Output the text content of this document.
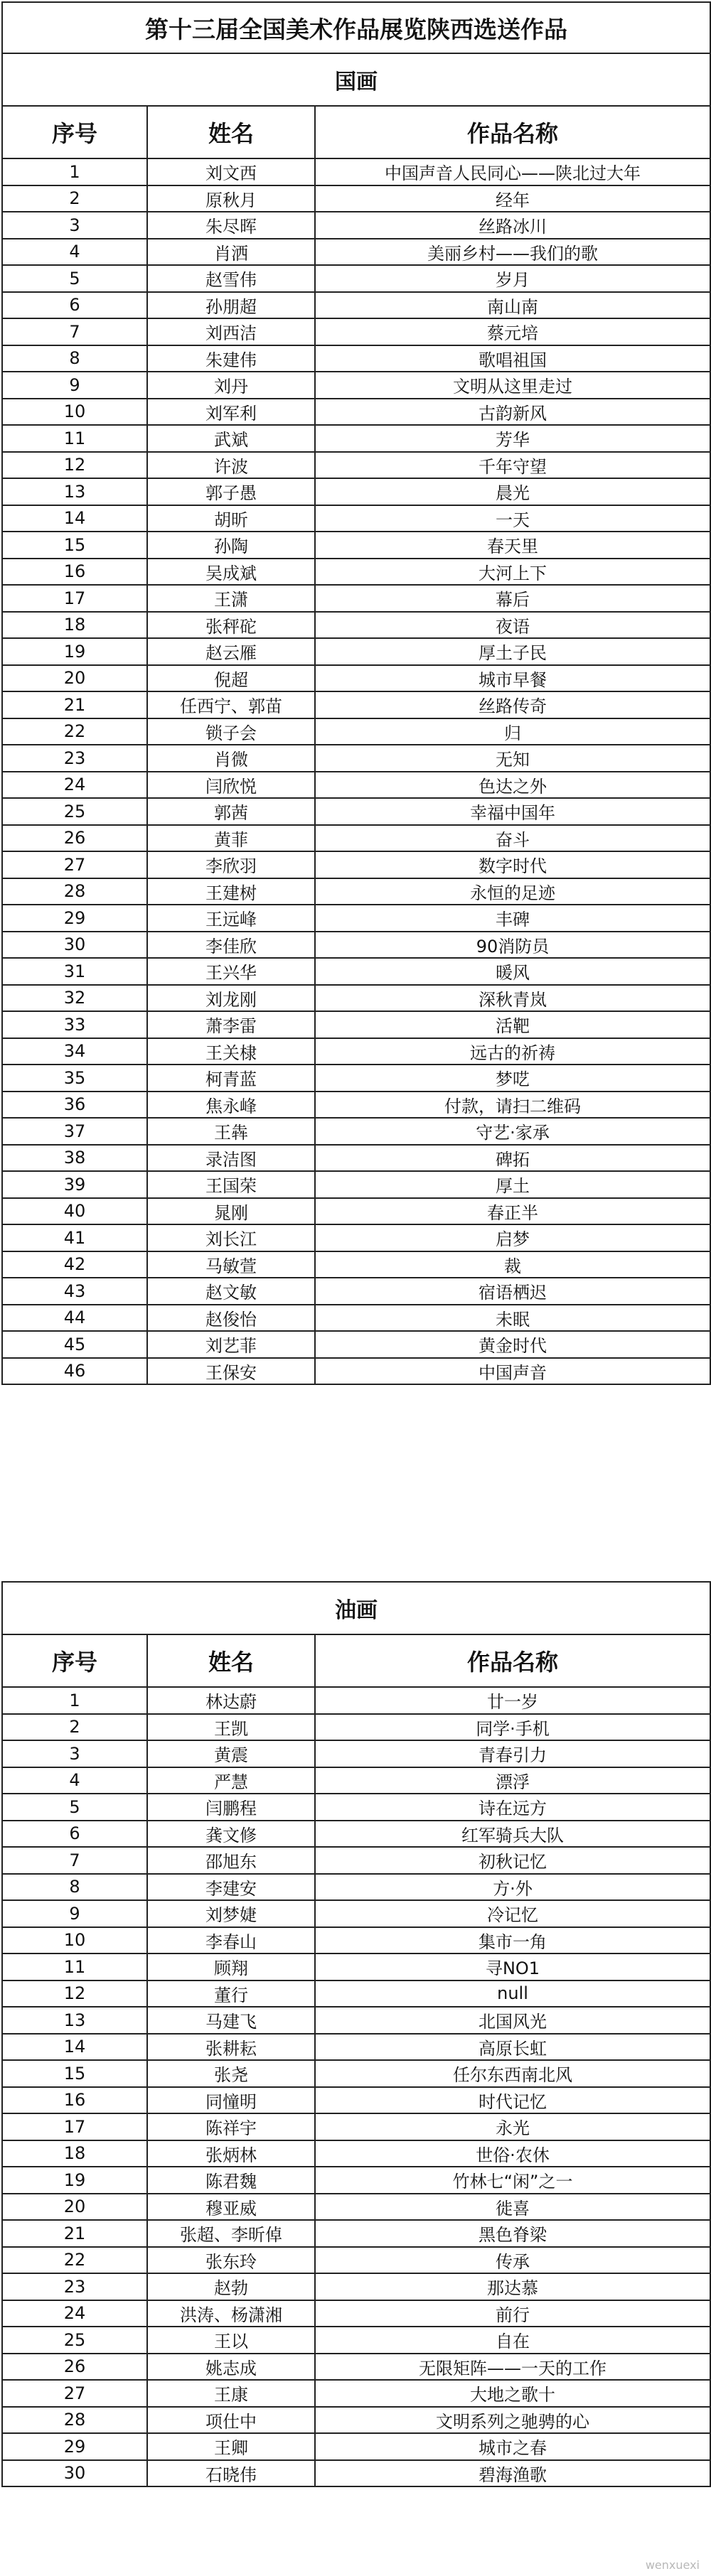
第十三届全国美术作品展览陕西选送作品		
国画		
序号	姓名	作品名称
1	刘文西	中国声音人民同心——陕北过大年
2	原秋月	经年
3	朱尽晖	丝路冰川
4	肖洒	美丽乡村——我们的歌
5	赵雪伟	岁月
6	孙朋超	南山南
7	刘西洁	蔡元培
8	朱建伟	歌唱祖国
9	刘丹	文明从这里走过
10	刘军利	古韵新风
11	武斌	芳华
12	许波	千年守望
13	郭子愚	晨光
14	胡昕	一天
15	孙陶	春天里
16	吴成斌	大河上下
17	王潇	幕后
18	张秤砣	夜语
19	赵云雁	厚土子民
20	倪超	城市早餐
21	任西宁、郭苗	丝路传奇
22	锁子会	归
23	肖微	无知
24	闫欣悦	色达之外
25	郭茜	幸福中国年
26	黄菲	奋斗
27	李欣羽	数字时代
28	王建树	永恒的足迹
29	王远峰	丰碑
30	李佳欣	90消防员
31	王兴华	暖风
32	刘龙刚	深秋青岚
33	萧李雷	活靶
34	王关棣	远古的祈祷
35	柯青蓝	梦呓
36	焦永峰	付款，请扫二维码
37	王犇	守艺·家承
38	录洁图	碑拓
39	王国荣	厚土
40	晁刚	春正半
41	刘长江	启梦
42	马敏萱	裁
43	赵文敏	宿语栖迟
44	赵俊怡	未眠
45	刘艺菲	黄金时代
46	王保安	中国声音
油画		
序号	姓名	作品名称
1	林达蔚	廿一岁
2	王凯	同学·手机
3	黄震	青春引力
4	严慧	漂浮
5	闫鹏程	诗在远方
6	龚文修	红军骑兵大队
7	邵旭东	初秋记忆
8	李建安	方·外
9	刘梦婕	冷记忆
10	李春山	集市一角
11	顾翔	寻NO1
12	董行	null
13	马建飞	北国风光
14	张耕耘	高原长虹
15	张尧	任尔东西南北风
16	同憧明	时代记忆
17	陈祥宇	永光
18	张炳林	世俗·农休
19	陈君魏	竹林七“闲”之一
20	穆亚威	徙喜
21	张超、李昕倬	黑色脊梁
22	张东玲	传承
23	赵勃	那达慕
24	洪涛、杨潇湘	前行
25	王以	自在
26	姚志成	无限矩阵——一天的工作
27	王康	大地之歌十
28	项仕中	文明系列之驰骋的心
29	王卿	城市之春
30	石晓伟	碧海渔歌
wenxuexi
